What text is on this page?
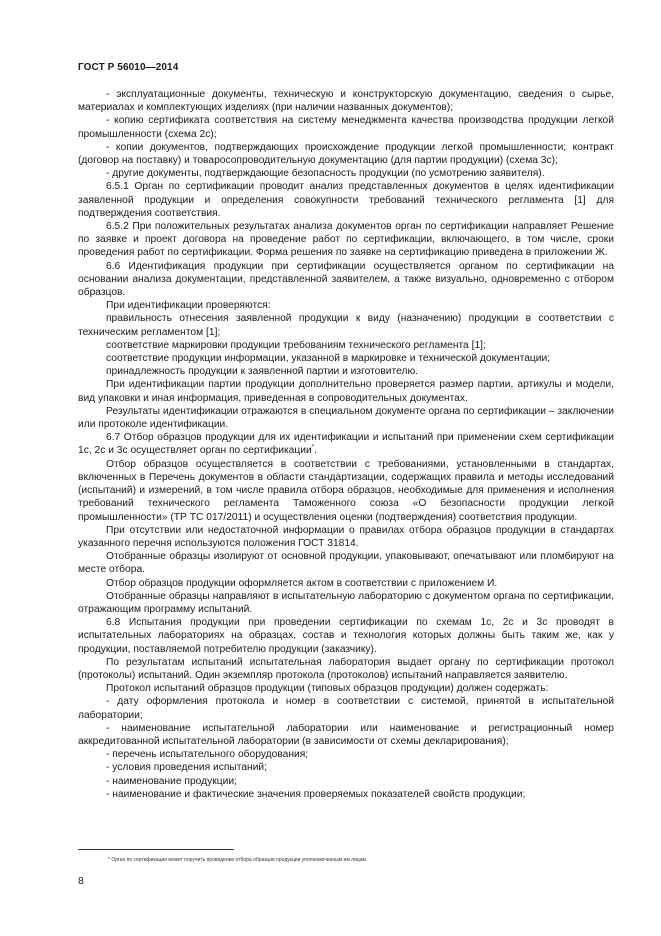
ГОСТ Р 56010—2014

- эксплуатационные документы, техническую и конструкторскую документацию, сведения о сырье, материалах и комплектующих изделиях (при наличии названных документов);

- копию сертификата соответствия на систему менеджмента качества производства продукции легкой промышленности (схема 2с);

- копии документов, подтверждающих происхождение продукции легкой промышленности; контракт (договор на поставку) и товаросопроводительную документацию (для партии продукции) (схема 3с);

- другие документы, подтверждающие безопасность продукции (по усмотрению заявителя).

6.5.1 Орган по сертификации проводит анализ представленных документов в целях идентификации заявленной продукции и определения совокупности требований технического регламента [1] для подтверждения соответствия.

6.5.2 При положительных результатах анализа документов орган по сертификации направляет Решение по заявке и проект договора на проведение работ по сертификации, включающего, в том числе, сроки проведения работ по сертификации. Форма решения по заявке на сертификацию приведена в приложении Ж.

6.6 Идентификация продукции при сертификации осуществляется органом по сертификации на основании анализа документации, представленной заявителем, а также визуально, одновременно с отбором образцов.

При идентификации проверяются:

правильность отнесения заявленной продукции к виду (назначению) продукции в соответствии с техническим регламентом [1];

соответствие маркировки продукции требованиям технического регламента [1];

соответствие продукции информации, указанной в маркировке и технической документации;

принадлежность продукции к заявленной партии и изготовителю.

При идентификации партии продукции дополнительно проверяется размер партии, артикулы и модели, вид упаковки и иная информация, приведенная в сопроводительных документах.

Результаты идентификации отражаются в специальном документе органа по сертификации – заключении или протоколе идентификации.

6.7 Отбор образцов продукции для их идентификации и испытаний при применении схем сертификации 1с, 2с и 3с осуществляет орган по сертификации*.

Отбор образцов осуществляется в соответствии с требованиями, установленными в стандартах, включенных в Перечень документов в области стандартизации, содержащих правила и методы исследований (испытаний) и измерений, в том числе правила отбора образцов, необходимые для применения и исполнения требований технического регламента Таможенного союза «О безопасности продукции легкой промышленности» (ТР ТС 017/2011) и осуществления оценки (подтверждения) соответствия продукции.

При отсутствии или недостаточной информации о правилах отбора образцов продукции в стандартах указанного перечня используются положения ГОСТ 31814.

Отобранные образцы изолируют от основной продукции, упаковывают, опечатывают или пломбируют на месте отбора.

Отбор образцов продукции оформляется актом в соответствии с приложением И.

Отобранные образцы направляют в испытательную лабораторию с документом органа по сертификации, отражающим программу испытаний.

6.8 Испытания продукции при проведении сертификации по схемам 1с, 2с и 3с проводят в испытательных лабораториях на образцах, состав и технология которых должны быть таким же, как у продукции, поставляемой потребителю продукции (заказчику).

По результатам испытаний испытательная лаборатория выдает органу по сертификации протокол (протоколы) испытаний. Один экземпляр протокола (протоколов) испытаний направляется заявителю.

Протокол испытаний образцов продукции (типовых образцов продукции) должен содержать:

- дату оформления протокола и номер в соответствии с системой, принятой в испытательной лаборатории;

- наименование испытательной лаборатории или наименование и регистрационный номер аккредитованной испытательной лаборатории (в зависимости от схемы декларирования);

- перечень испытательного оборудования;

- условия проведения испытаний;

- наименование продукции;

- наименование и фактические значения проверяемых показателей свойств продукции;

* Орган по сертификации может поручить проведение отбора образцов продукции уполномоченным им лицам
8
